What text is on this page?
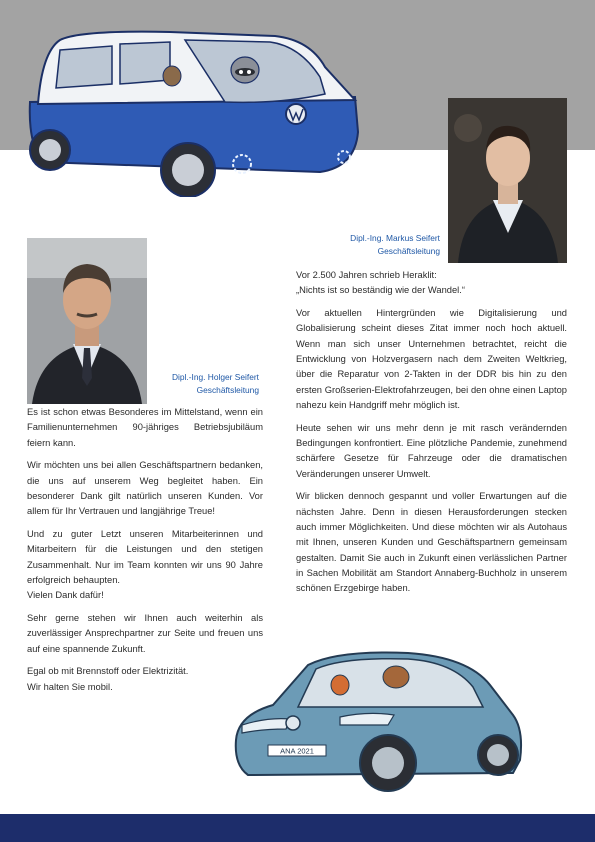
Dipl.-Ing. Markus Seifert
Geschäftsleitung
Dipl.-Ing. Holger Seifert
Geschäftsleitung

Es ist schon etwas Besonderes im Mittelstand, wenn ein Familienunternehmen 90-jähriges Betriebsjubiläum feiern kann.

Wir möchten uns bei allen Geschäftspartnern bedanken, die uns auf unserem Weg begleitet haben. Ein besonderer Dank gilt natürlich unseren Kunden. Vor allem für Ihr Vertrauen und langjährige Treue!

Und zu guter Letzt unseren Mitarbeiterinnen und Mitarbeitern für die Leistungen und den stetigen Zusammenhalt. Nur im Team konnten wir uns 90 Jahre erfolgreich behaupten.

Vielen Dank dafür!

Sehr gerne stehen wir Ihnen auch weiterhin als zuverlässiger Ansprechpartner zur Seite und freuen uns auf eine spannende Zukunft.

Egal ob mit Brennstoff oder Elektrizität.

Wir halten Sie mobil.

Vor 2.500 Jahren schrieb Heraklit:

„Nichts ist so beständig wie der Wandel.“

Vor aktuellen Hintergründen wie Digitalisierung und Globalisierung scheint dieses Zitat immer noch hoch aktuell. Wenn man sich unser Unternehmen betrachtet, reicht die Entwicklung von Holzvergasern nach dem Zweiten Weltkrieg, über die Reparatur von 2-Takten in der DDR bis hin zu den ersten Großserien-Elektrofahrzeugen, bei den ohne einen Laptop nahezu kein Handgriff mehr möglich ist.

Heute sehen wir uns mehr denn je mit rasch verändernden Bedingungen konfrontiert. Eine plötzliche Pandemie, zunehmend schärfere Gesetze für Fahrzeuge oder die dramatischen Veränderungen unserer Umwelt.

Wir blicken dennoch gespannt und voller Erwartungen auf die nächsten Jahre. Denn in diesen Herausforderungen stecken auch immer Möglichkeiten. Und diese möchten wir als Autohaus mit Ihnen, unseren Kunden und Geschäftspartnern gemeinsam gestalten. Damit Sie auch in Zukunft einen verlässlichen Partner in Sachen Mobilität am Standort Annaberg-Buchholz in unserem schönen Erzgebirge haben.

ANA 2021
